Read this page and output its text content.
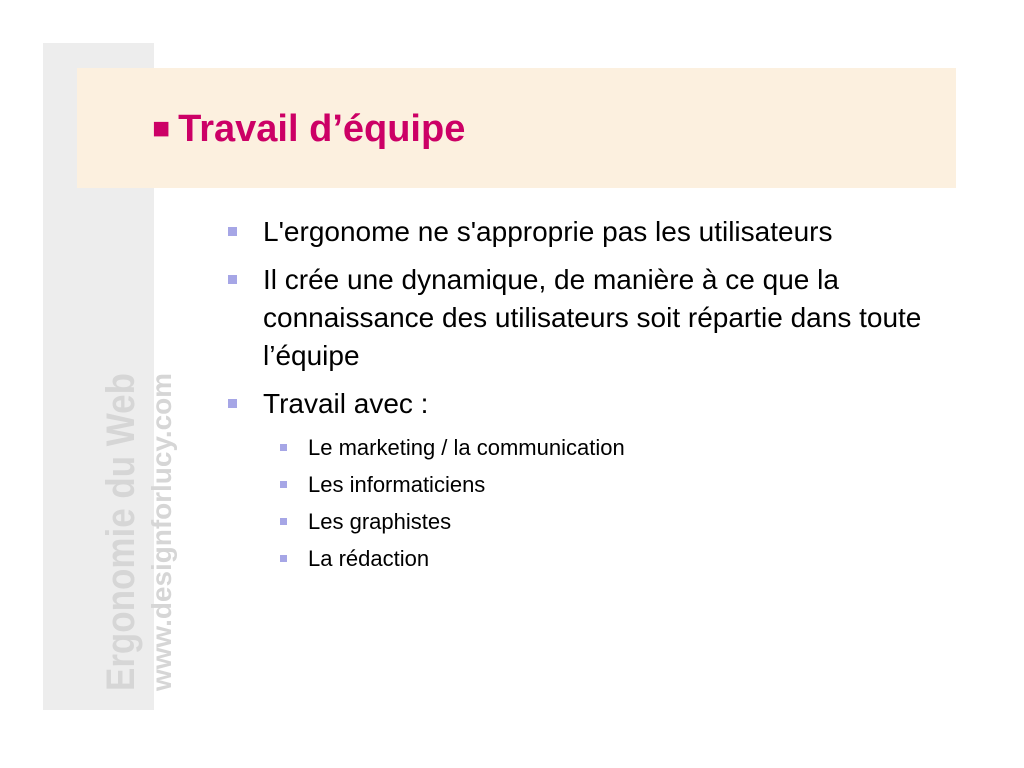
Ergonomie du Web www.designforlucy.com
■ Travail d’équipe
L'ergonome ne s'approprie pas les utilisateurs
Il crée une dynamique, de manière à ce que la connaissance des utilisateurs soit répartie dans toute l’équipe
Travail avec :
Le marketing / la communication
Les informaticiens
Les graphistes
La rédaction
